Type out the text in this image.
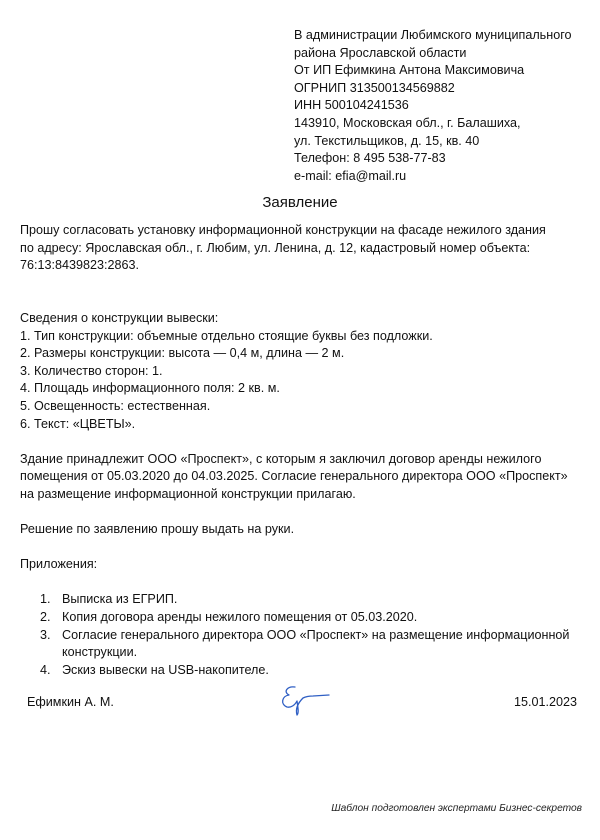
В администрации Любимского муниципального
района Ярославской области
От ИП Ефимкина Антона Максимовича
ОГРНИП 313500134569882
ИНН 500104241536
143910, Московская обл., г. Балашиха,
ул. Текстильщиков, д. 15, кв. 40
Телефон: 8 495 538-77-83
e-mail: efia@mail.ru
Заявление

Прошу согласовать установку информационной конструкции на фасаде нежилого здания
по адресу: Ярославская обл., г. Любим, ул. Ленина, д. 12, кадастровый номер объекта:
76:13:8439823:2863.

Сведения о конструкции вывески:
1. Тип конструкции: объемные отдельно стоящие буквы без подложки.
2. Размеры конструкции: высота — 0,4 м, длина — 2 м.
3. Количество сторон: 1.
4. Площадь информационного поля: 2 кв. м.
5. Освещенность: естественная.
6. Текст: «ЦВЕТЫ».

Здание принадлежит ООО «Проспект», с которым я заключил договор аренды нежилого
помещения от 05.03.2020 до 04.03.2025. Согласие генерального директора ООО «Проспект»
на размещение информационной конструкции прилагаю.

Решение по заявлению прошу выдать на руки.

Приложения:

1. Выписка из ЕГРИП.
2. Копия договора аренды нежилого помещения от 05.03.2020.
3. Согласие генерального директора ООО «Проспект» на размещение информационной
конструкции.
4. Эскиз вывески на USB-накопителе.
Ефимкин А. М.	15.01.2023
Шаблон подготовлен экспертами Бизнес-секретов
